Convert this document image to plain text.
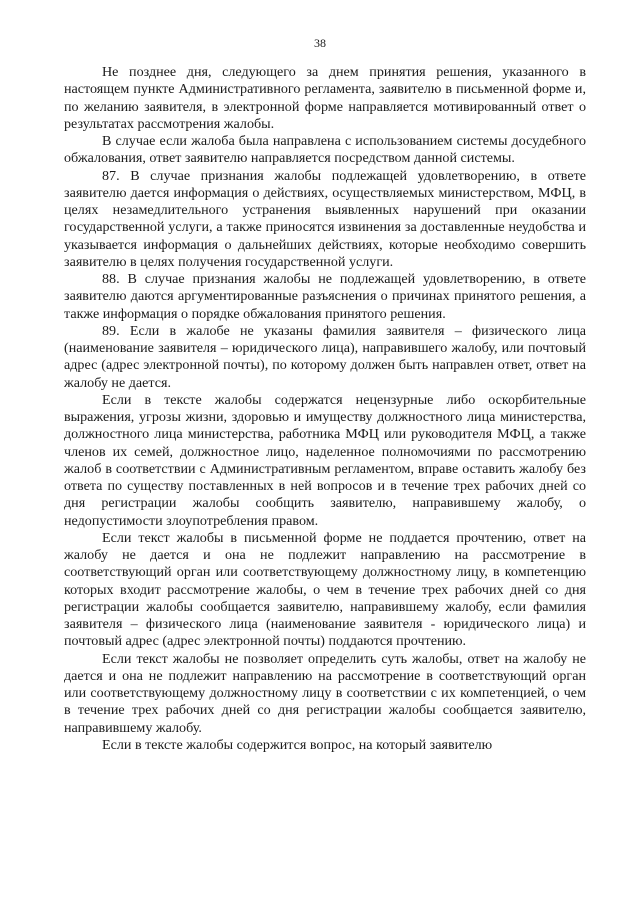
38

Не позднее дня, следующего за днем принятия решения, указанного в настоящем пункте Административного регламента, заявителю в письменной форме и, по желанию заявителя, в электронной форме направляется мотивированный ответ о результатах рассмотрения жалобы.

В случае если жалоба была направлена с использованием системы досудебного обжалования, ответ заявителю направляется посредством данной системы.

87. В случае признания жалобы подлежащей удовлетворению, в ответе заявителю дается информация о действиях, осуществляемых министерством, МФЦ, в целях незамедлительного устранения выявленных нарушений при оказании государственной услуги, а также приносятся извинения за доставленные неудобства и указывается информация о дальнейших действиях, которые необходимо совершить заявителю в целях получения государственной услуги.

88. В случае признания жалобы не подлежащей удовлетворению, в ответе заявителю даются аргументированные разъяснения о причинах принятого решения, а также информация о порядке обжалования принятого решения.

89. Если в жалобе не указаны фамилия заявителя – физического лица (наименование заявителя – юридического лица), направившего жалобу, или почтовый адрес (адрес электронной почты), по которому должен быть направлен ответ, ответ на жалобу не дается.

Если в тексте жалобы содержатся нецензурные либо оскорбительные выражения, угрозы жизни, здоровью и имуществу должностного лица министерства, должностного лица министерства, работника МФЦ или руководителя МФЦ, а также членов их семей, должностное лицо, наделенное полномочиями по рассмотрению жалоб в соответствии с Административным регламентом, вправе оставить жалобу без ответа по существу поставленных в ней вопросов и в течение трех рабочих дней со дня регистрации жалобы сообщить заявителю, направившему жалобу, о недопустимости злоупотребления правом.

Если текст жалобы в письменной форме не поддается прочтению, ответ на жалобу не дается и она не подлежит направлению на рассмотрение в соответствующий орган или соответствующему должностному лицу, в компетенцию которых входит рассмотрение жалобы, о чем в течение трех рабочих дней со дня регистрации жалобы сообщается заявителю, направившему жалобу, если фамилия заявителя – физического лица (наименование заявителя - юридического лица) и почтовый адрес (адрес электронной почты) поддаются прочтению.

Если текст жалобы не позволяет определить суть жалобы, ответ на жалобу не дается и она не подлежит направлению на рассмотрение в соответствующий орган или соответствующему должностному лицу в соответствии с их компетенцией, о чем в течение трех рабочих дней со дня регистрации жалобы сообщается заявителю, направившему жалобу.

Если в тексте жалобы содержится вопрос, на который заявителю
